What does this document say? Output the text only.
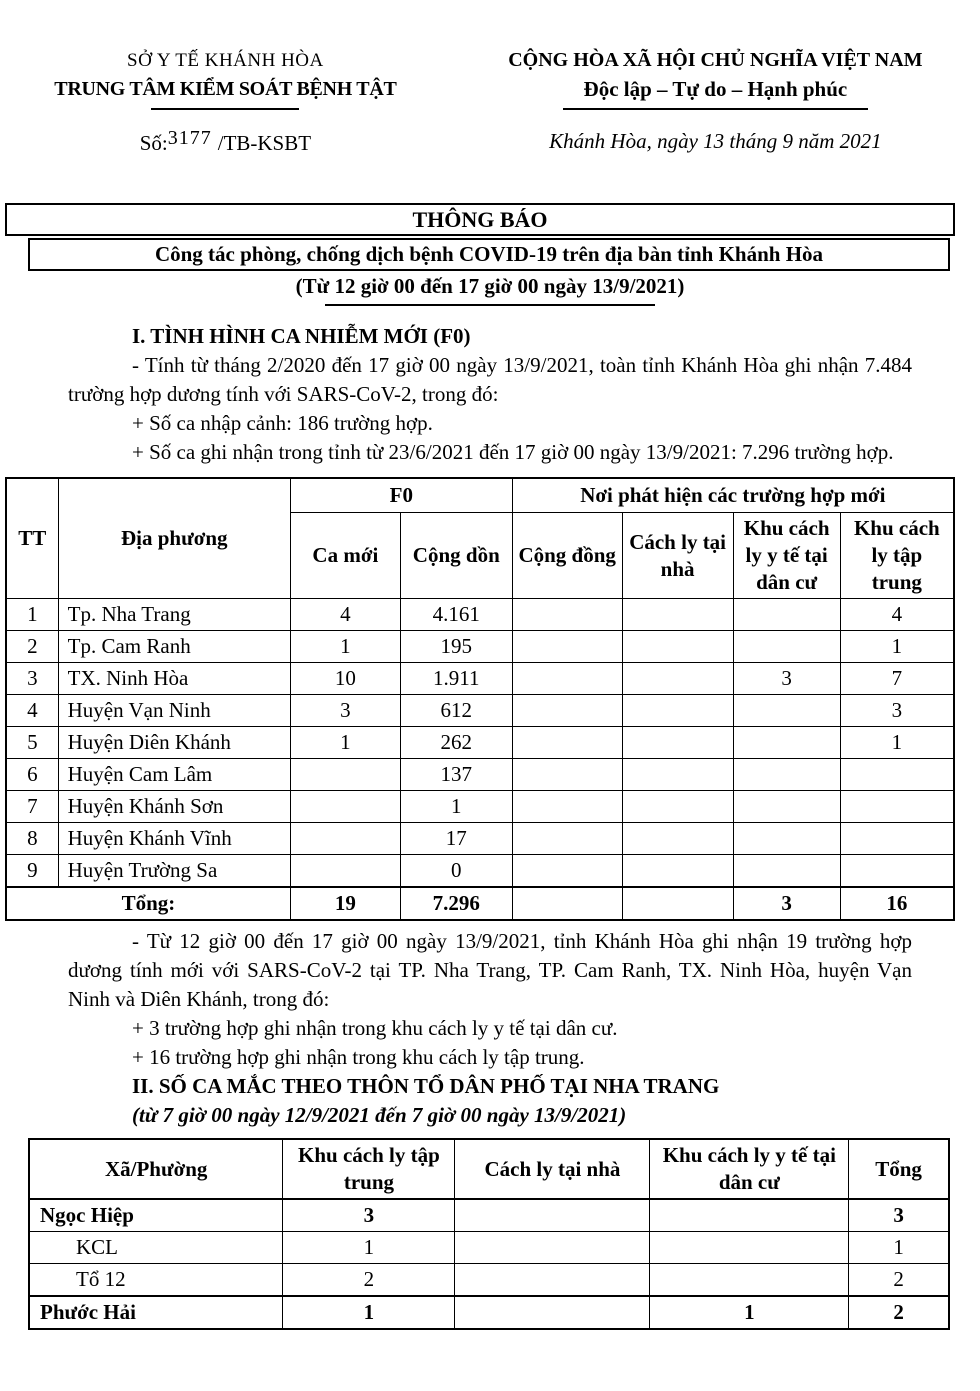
SỞ Y TẾ KHÁNH HÒA
TRUNG TÂM KIỂM SOÁT BỆNH TẬT
Số:3177 /TB-KSBT
CỘNG HÒA XÃ HỘI CHỦ NGHĨA VIỆT NAM
Độc lập – Tự do – Hạnh phúc
Khánh Hòa, ngày 13 tháng 9 năm 2021
THÔNG BÁO
Công tác phòng, chống dịch bệnh COVID-19 trên địa bàn tỉnh Khánh Hòa
(Từ 12 giờ 00 đến 17 giờ 00 ngày 13/9/2021)
I. TÌNH HÌNH CA NHIỄM MỚI (F0)

- Tính từ tháng 2/2020 đến 17 giờ 00 ngày 13/9/2021, toàn tỉnh Khánh Hòa ghi nhận 7.484 trường hợp dương tính với SARS-CoV-2, trong đó:

+ Số ca nhập cảnh: 186 trường hợp.

+ Số ca ghi nhận trong tỉnh từ 23/6/2021 đến 17 giờ 00 ngày 13/9/2021: 7.296 trường hợp.

TT	Địa phương	F0		Nơi phát hiện các trường hợp mới			
		Ca mới	Cộng dồn	Cộng đồng	Cách ly tại nhà	Khu cách ly y tế tại dân cư	Khu cách ly tập trung
1	Tp. Nha Trang	4	4.161				4
2	Tp. Cam Ranh	1	195				1
3	TX. Ninh Hòa	10	1.911			3	7
4	Huyện Vạn Ninh	3	612				3
5	Huyện Diên Khánh	1	262				1
6	Huyện Cam Lâm		137				
7	Huyện Khánh Sơn		1				
8	Huyện Khánh Vĩnh		17				
9	Huyện Trường Sa		0				
Tổng:		19	7.296			3	16

- Từ 12 giờ 00 đến 17 giờ 00 ngày 13/9/2021, tỉnh Khánh Hòa ghi nhận 19 trường hợp dương tính mới với SARS-CoV-2 tại TP. Nha Trang, TP. Cam Ranh, TX. Ninh Hòa, huyện Vạn Ninh và Diên Khánh, trong đó:

+ 3 trường hợp ghi nhận trong khu cách ly y tế tại dân cư.

+ 16 trường hợp ghi nhận trong khu cách ly tập trung.

II. SỐ CA MẮC THEO THÔN TỔ DÂN PHỐ TẠI NHA TRANG
(từ 7 giờ 00 ngày 12/9/2021 đến 7 giờ 00 ngày 13/9/2021)
Xã/Phường	Khu cách ly tập trung	Cách ly tại nhà	Khu cách ly y tế tại dân cư	Tổng
Ngọc Hiệp	3			3
KCL	1			1
Tổ 12	2			2
Phước Hải	1		1	2
